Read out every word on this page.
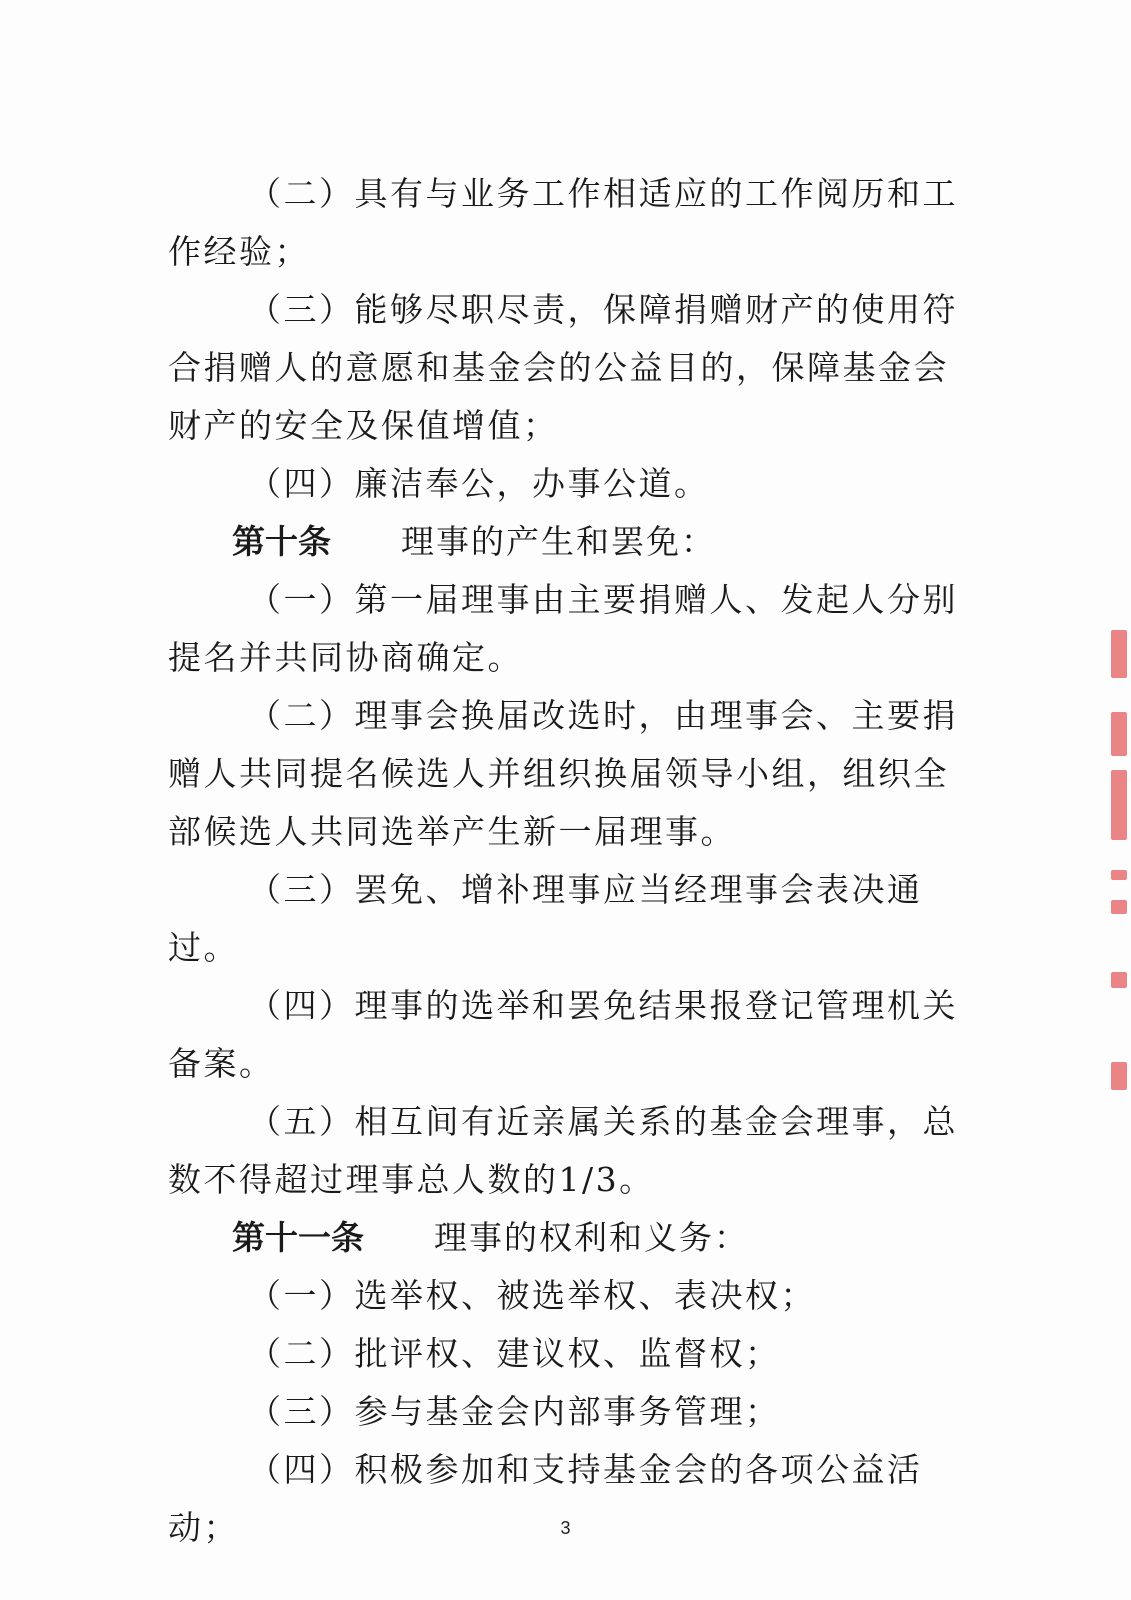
（二）具有与业务工作相适应的工作阅历和工作经验；

（三）能够尽职尽责，保障捐赠财产的使用符合捐赠人的意愿和基金会的公益目的，保障基金会财产的安全及保值增值；

（四）廉洁奉公，办事公道。

第十条 理事的产生和罢免：

（一）第一届理事由主要捐赠人、发起人分别提名并共同协商确定。

（二）理事会换届改选时，由理事会、主要捐赠人共同提名候选人并组织换届领导小组，组织全部候选人共同选举产生新一届理事。

（三）罢免、增补理事应当经理事会表决通过。

（四）理事的选举和罢免结果报登记管理机关备案。

（五）相互间有近亲属关系的基金会理事，总数不得超过理事总人数的1/3。

第十一条 理事的权利和义务：

（一）选举权、被选举权、表决权；

（二）批评权、建议权、监督权；

（三）参与基金会内部事务管理；

（四）积极参加和支持基金会的各项公益活动；	3
